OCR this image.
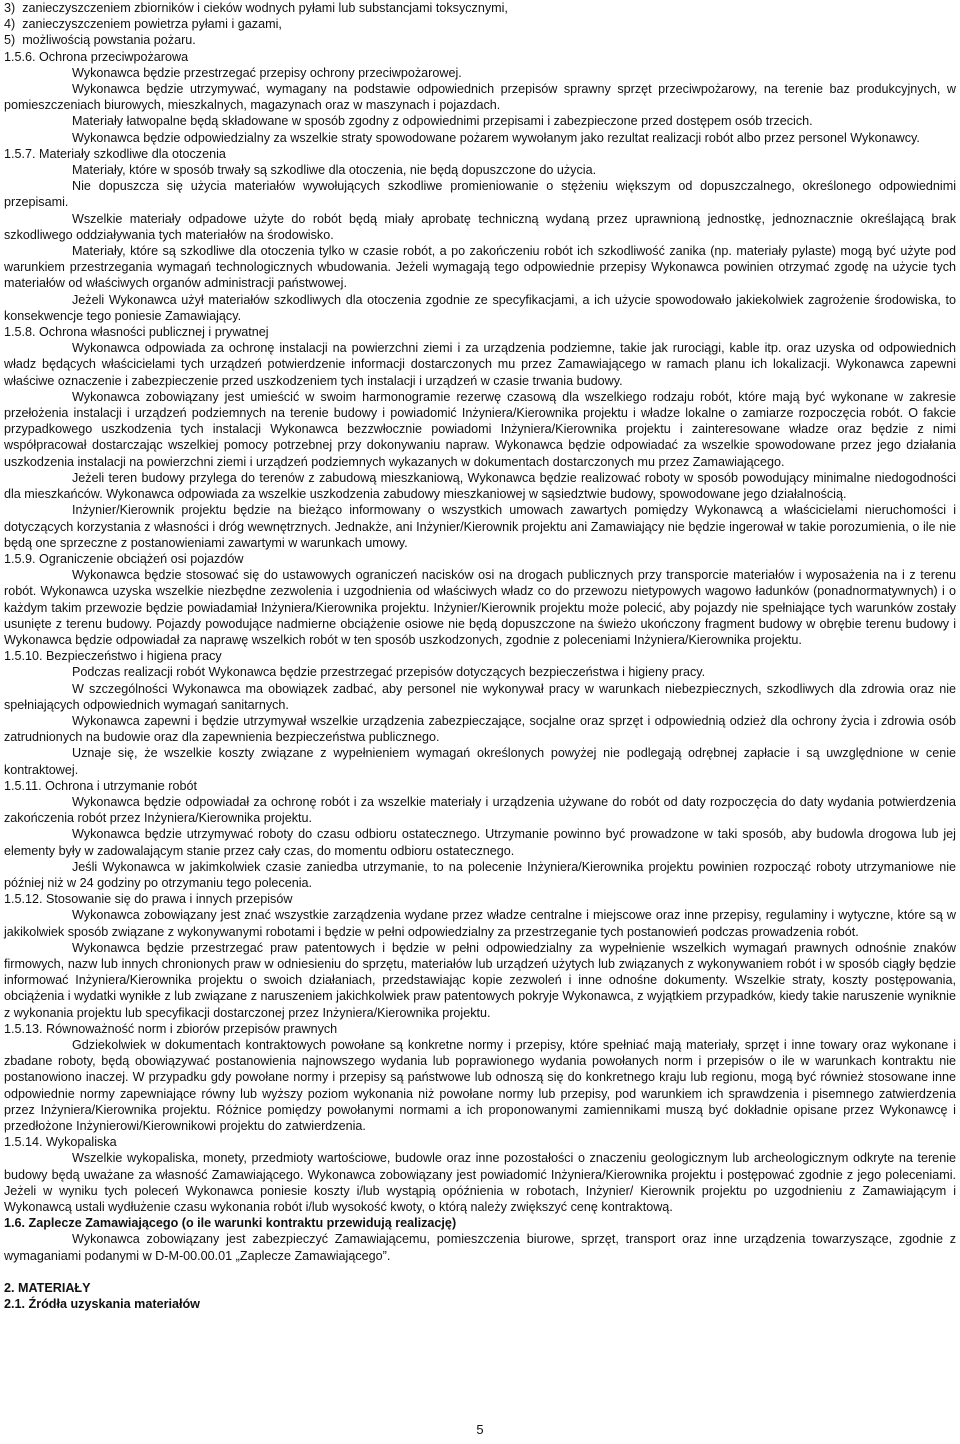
3)  zanieczyszczeniem zbiorników i cieków wodnych pyłami lub substancjami toksycznymi,
4)  zanieczyszczeniem powietrza pyłami i gazami,
5)  możliwością powstania pożaru.
1.5.6. Ochrona przeciwpożarowa
Wykonawca będzie przestrzegać przepisy ochrony przeciwpożarowej.
Wykonawca będzie utrzymywać, wymagany na podstawie odpowiednich przepisów sprawny sprzęt przeciwpożarowy, na terenie baz produkcyjnych, w pomieszczeniach biurowych, mieszkalnych, magazynach oraz w maszynach i pojazdach.
Materiały łatwopalne będą składowane w sposób zgodny z odpowiednimi przepisami i zabezpieczone przed dostępem osób trzecich.
Wykonawca będzie odpowiedzialny za wszelkie straty spowodowane pożarem wywołanym jako rezultat realizacji robót albo przez personel Wykonawcy.
1.5.7. Materiały szkodliwe dla otoczenia
Materiały, które w sposób trwały są szkodliwe dla otoczenia, nie będą dopuszczone do użycia.
Nie dopuszcza się użycia materiałów wywołujących szkodliwe promieniowanie o stężeniu większym od dopuszczalnego, określonego odpowiednimi przepisami.
Wszelkie materiały odpadowe użyte do robót będą miały aprobatę techniczną wydaną przez uprawnioną jednostkę, jednoznacznie określającą brak szkodliwego oddziaływania tych materiałów na środowisko.
Materiały, które są szkodliwe dla otoczenia tylko w czasie robót, a po zakończeniu robót ich szkodliwość zanika (np. materiały pylaste) mogą być użyte pod warunkiem przestrzegania wymagań technologicznych wbudowania. Jeżeli wymagają tego odpowiednie przepisy Wykonawca powinien otrzymać zgodę na użycie tych materiałów od właściwych organów administracji państwowej.
Jeżeli Wykonawca użył materiałów szkodliwych dla otoczenia zgodnie ze specyfikacjami, a ich użycie spowodowało jakiekolwiek zagrożenie środowiska, to konsekwencje tego poniesie Zamawiający.
1.5.8. Ochrona własności publicznej i prywatnej
Wykonawca odpowiada za ochronę instalacji na powierzchni ziemi i za urządzenia podziemne, takie jak rurociągi, kable itp. oraz uzyska od odpowiednich władz będących właścicielami tych urządzeń potwierdzenie informacji dostarczonych mu przez Zamawiającego w ramach planu ich lokalizacji. Wykonawca zapewni właściwe oznaczenie i zabezpieczenie przed uszkodzeniem tych instalacji i urządzeń w czasie trwania budowy.
Wykonawca zobowiązany jest umieścić w swoim harmonogramie rezerwę czasową dla wszelkiego rodzaju robót, które mają być wykonane w zakresie przełożenia instalacji i urządzeń podziemnych na terenie budowy i powiadomić Inżyniera/Kierownika projektu i władze lokalne o zamiarze rozpoczęcia robót. O fakcie przypadkowego uszkodzenia tych instalacji Wykonawca bezzwłocznie powiadomi Inżyniera/Kierownika projektu i zainteresowane władze oraz będzie z nimi współpracował dostarczając wszelkiej pomocy potrzebnej przy dokonywaniu napraw. Wykonawca będzie odpowiadać za wszelkie spowodowane przez jego działania uszkodzenia instalacji na powierzchni ziemi i urządzeń podziemnych wykazanych w dokumentach dostarczonych mu przez Zamawiającego.
Jeżeli teren budowy przylega do terenów z zabudową mieszkaniową, Wykonawca będzie realizować roboty w sposób powodujący minimalne niedogodności dla mieszkańców. Wykonawca odpowiada za wszelkie uszkodzenia zabudowy mieszkaniowej w sąsiedztwie budowy, spowodowane jego działalnością.
Inżynier/Kierownik projektu będzie na bieżąco informowany o wszystkich umowach zawartych pomiędzy Wykonawcą a właścicielami nieruchomości i dotyczących korzystania z własności i dróg wewnętrznych. Jednakże, ani Inżynier/Kierownik projektu ani Zamawiający nie będzie ingerował w takie porozumienia, o ile nie będą one sprzeczne z postanowieniami zawartymi w warunkach umowy.
1.5.9. Ograniczenie obciążeń osi pojazdów
Wykonawca będzie stosować się do ustawowych ograniczeń nacisków osi na drogach publicznych przy transporcie materiałów i wyposażenia na i z terenu robót. Wykonawca uzyska wszelkie niezbędne zezwolenia i uzgodnienia od właściwych władz co do przewozu nietypowych wagowo ładunków (ponadnormatywnych) i o każdym takim przewozie będzie powiadamiał Inżyniera/Kierownika projektu. Inżynier/Kierownik projektu może polecić, aby pojazdy nie spełniające tych warunków zostały usunięte z terenu budowy. Pojazdy powodujące nadmierne obciążenie osiowe nie będą dopuszczone na świeżo ukończony fragment budowy w obrębie terenu budowy i Wykonawca będzie odpowiadał za naprawę wszelkich robót w ten sposób uszkodzonych, zgodnie z poleceniami Inżyniera/Kierownika projektu.
1.5.10. Bezpieczeństwo i higiena pracy
Podczas realizacji robót Wykonawca będzie przestrzegać przepisów dotyczących bezpieczeństwa i higieny pracy.
W szczególności Wykonawca ma obowiązek zadbać, aby personel nie wykonywał pracy w warunkach niebezpiecznych, szkodliwych dla zdrowia oraz nie spełniających odpowiednich wymagań sanitarnych.
Wykonawca zapewni i będzie utrzymywał wszelkie urządzenia zabezpieczające, socjalne oraz sprzęt i odpowiednią odzież dla ochrony życia i zdrowia osób zatrudnionych na budowie oraz dla zapewnienia bezpieczeństwa publicznego.
Uznaje się, że wszelkie koszty związane z wypełnieniem wymagań określonych powyżej nie podlegają odrębnej zapłacie i są uwzględnione w cenie kontraktowej.
1.5.11. Ochrona i utrzymanie robót
Wykonawca będzie odpowiadał za ochronę robót i za wszelkie materiały i urządzenia używane do robót od daty rozpoczęcia do daty wydania potwierdzenia zakończenia robót przez Inżyniera/Kierownika projektu.
Wykonawca będzie utrzymywać roboty do czasu odbioru ostatecznego. Utrzymanie powinno być prowadzone w taki sposób, aby budowla drogowa lub jej elementy były w zadowalającym stanie przez cały czas, do momentu odbioru ostatecznego.
Jeśli Wykonawca w jakimkolwiek czasie zaniedba utrzymanie, to na polecenie Inżyniera/Kierownika projektu powinien rozpocząć roboty utrzymaniowe nie później niż w 24 godziny po otrzymaniu tego polecenia.
1.5.12. Stosowanie się do prawa i innych przepisów
Wykonawca zobowiązany jest znać wszystkie zarządzenia wydane przez władze centralne i miejscowe oraz inne przepisy, regulaminy i wytyczne, które są w jakikolwiek sposób związane z wykonywanymi robotami i będzie w pełni odpowiedzialny za przestrzeganie tych postanowień podczas prowadzenia robót.
Wykonawca będzie przestrzegać praw patentowych i będzie w pełni odpowiedzialny za wypełnienie wszelkich wymagań prawnych odnośnie znaków firmowych, nazw lub innych chronionych praw w odniesieniu do sprzętu, materiałów lub urządzeń użytych lub związanych z wykonywaniem robót i w sposób ciągły będzie informować Inżyniera/Kierownika projektu o swoich działaniach, przedstawiając kopie zezwoleń i inne odnośne dokumenty. Wszelkie straty, koszty postępowania, obciążenia i wydatki wynikłe z lub związane z naruszeniem jakichkolwiek praw patentowych pokryje Wykonawca, z wyjątkiem przypadków, kiedy takie naruszenie wyniknie z wykonania projektu lub specyfikacji dostarczonej przez Inżyniera/Kierownika projektu.
1.5.13. Równoważność norm i zbiorów przepisów prawnych
Gdziekolwiek w dokumentach kontraktowych powołane są konkretne normy i przepisy, które spełniać mają materiały, sprzęt i inne towary oraz wykonane i zbadane roboty, będą obowiązywać postanowienia najnowszego wydania lub poprawionego wydania powołanych norm i przepisów o ile w warunkach kontraktu nie postanowiono inaczej. W przypadku gdy powołane normy i przepisy są państwowe lub odnoszą się do konkretnego kraju lub regionu, mogą być również stosowane inne odpowiednie normy zapewniające równy lub wyższy poziom wykonania niż powołane normy lub przepisy, pod warunkiem ich sprawdzenia i pisemnego zatwierdzenia przez Inżyniera/Kierownika projektu. Różnice pomiędzy powołanymi normami a ich proponowanymi zamiennikami muszą być dokładnie opisane przez Wykonawcę i przedłożone Inżynierowi/Kierownikowi projektu do zatwierdzenia.
1.5.14. Wykopaliska
Wszelkie wykopaliska, monety, przedmioty wartościowe, budowle oraz inne pozostałości o znaczeniu geologicznym lub archeologicznym odkryte na terenie budowy będą uważane za własność Zamawiającego. Wykonawca zobowiązany jest powiadomić Inżyniera/Kierownika projektu i postępować zgodnie z jego poleceniami. Jeżeli w wyniku tych poleceń Wykonawca poniesie koszty i/lub wystąpią opóźnienia w robotach, Inżynier/ Kierownik projektu po uzgodnieniu z Zamawiającym i Wykonawcą ustali wydłużenie czasu wykonania robót i/lub wysokość kwoty, o którą należy zwiększyć cenę kontraktową.
1.6. Zaplecze Zamawiającego (o ile warunki kontraktu przewidują realizację)
Wykonawca zobowiązany jest zabezpieczyć Zamawiającemu, pomieszczenia biurowe, sprzęt, transport oraz inne urządzenia towarzyszące, zgodnie z wymaganiami podanymi w D-M-00.00.01 „Zaplecze Zamawiającego”.
2. MATERIAŁY
2.1. Źródła uzyskania materiałów
5
